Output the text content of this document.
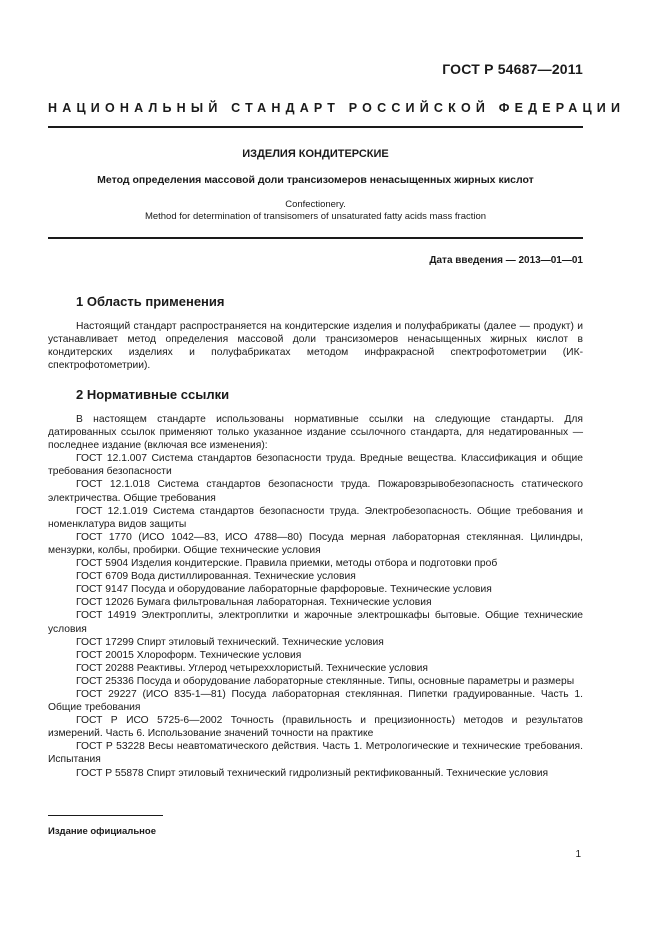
ГОСТ Р 54687—2011
НАЦИОНАЛЬНЫЙ СТАНДАРТ РОССИЙСКОЙ ФЕДЕРАЦИИ
ИЗДЕЛИЯ КОНДИТЕРСКИЕ
Метод определения массовой доли трансизомеров ненасыщенных жирных кислот
Confectionery.
Method for determination of transisomers of unsaturated fatty acids mass fraction
Дата введения — 2013—01—01
1 Область применения
Настоящий стандарт распространяется на кондитерские изделия и полуфабрикаты (далее — продукт) и устанавливает метод определения массовой доли трансизомеров ненасыщенных жирных кислот в кондитерских изделиях и полуфабрикатах методом инфракрасной спектрофотометрии (ИК-спектрофотометрии).
2 Нормативные ссылки

В настоящем стандарте использованы нормативные ссылки на следующие стандарты. Для датированных ссылок применяют только указанное издание ссылочного стандарта, для недатированных — последнее издание (включая все изменения):

ГОСТ 12.1.007 Система стандартов безопасности труда. Вредные вещества. Классификация и общие требования безопасности

ГОСТ 12.1.018 Система стандартов безопасности труда. Пожаровзрывобезопасность статического электричества. Общие требования

ГОСТ 12.1.019 Система стандартов безопасности труда. Электробезопасность. Общие требования и номенклатура видов защиты

ГОСТ 1770 (ИСО 1042—83, ИСО 4788—80) Посуда мерная лабораторная стеклянная. Цилиндры, мензурки, колбы, пробирки. Общие технические условия

ГОСТ 5904 Изделия кондитерские. Правила приемки, методы отбора и подготовки проб

ГОСТ 6709 Вода дистиллированная. Технические условия

ГОСТ 9147 Посуда и оборудование лабораторные фарфоровые. Технические условия

ГОСТ 12026 Бумага фильтровальная лабораторная. Технические условия

ГОСТ 14919 Электроплиты, электроплитки и жарочные электрошкафы бытовые. Общие технические условия

ГОСТ 17299 Спирт этиловый технический. Технические условия

ГОСТ 20015 Хлороформ. Технические условия

ГОСТ 20288 Реактивы. Углерод четыреххлористый. Технические условия

ГОСТ 25336 Посуда и оборудование лабораторные стеклянные. Типы, основные параметры и размеры

ГОСТ 29227 (ИСО 835-1—81) Посуда лабораторная стеклянная. Пипетки градуированные. Часть 1. Общие требования

ГОСТ Р ИСО 5725-6—2002 Точность (правильность и прецизионность) методов и результатов измерений. Часть 6. Использование значений точности на практике

ГОСТ Р 53228 Весы неавтоматического действия. Часть 1. Метрологические и технические требования. Испытания

ГОСТ Р 55878 Спирт этиловый технический гидролизный ректификованный. Технические условия

Издание официальное
1
